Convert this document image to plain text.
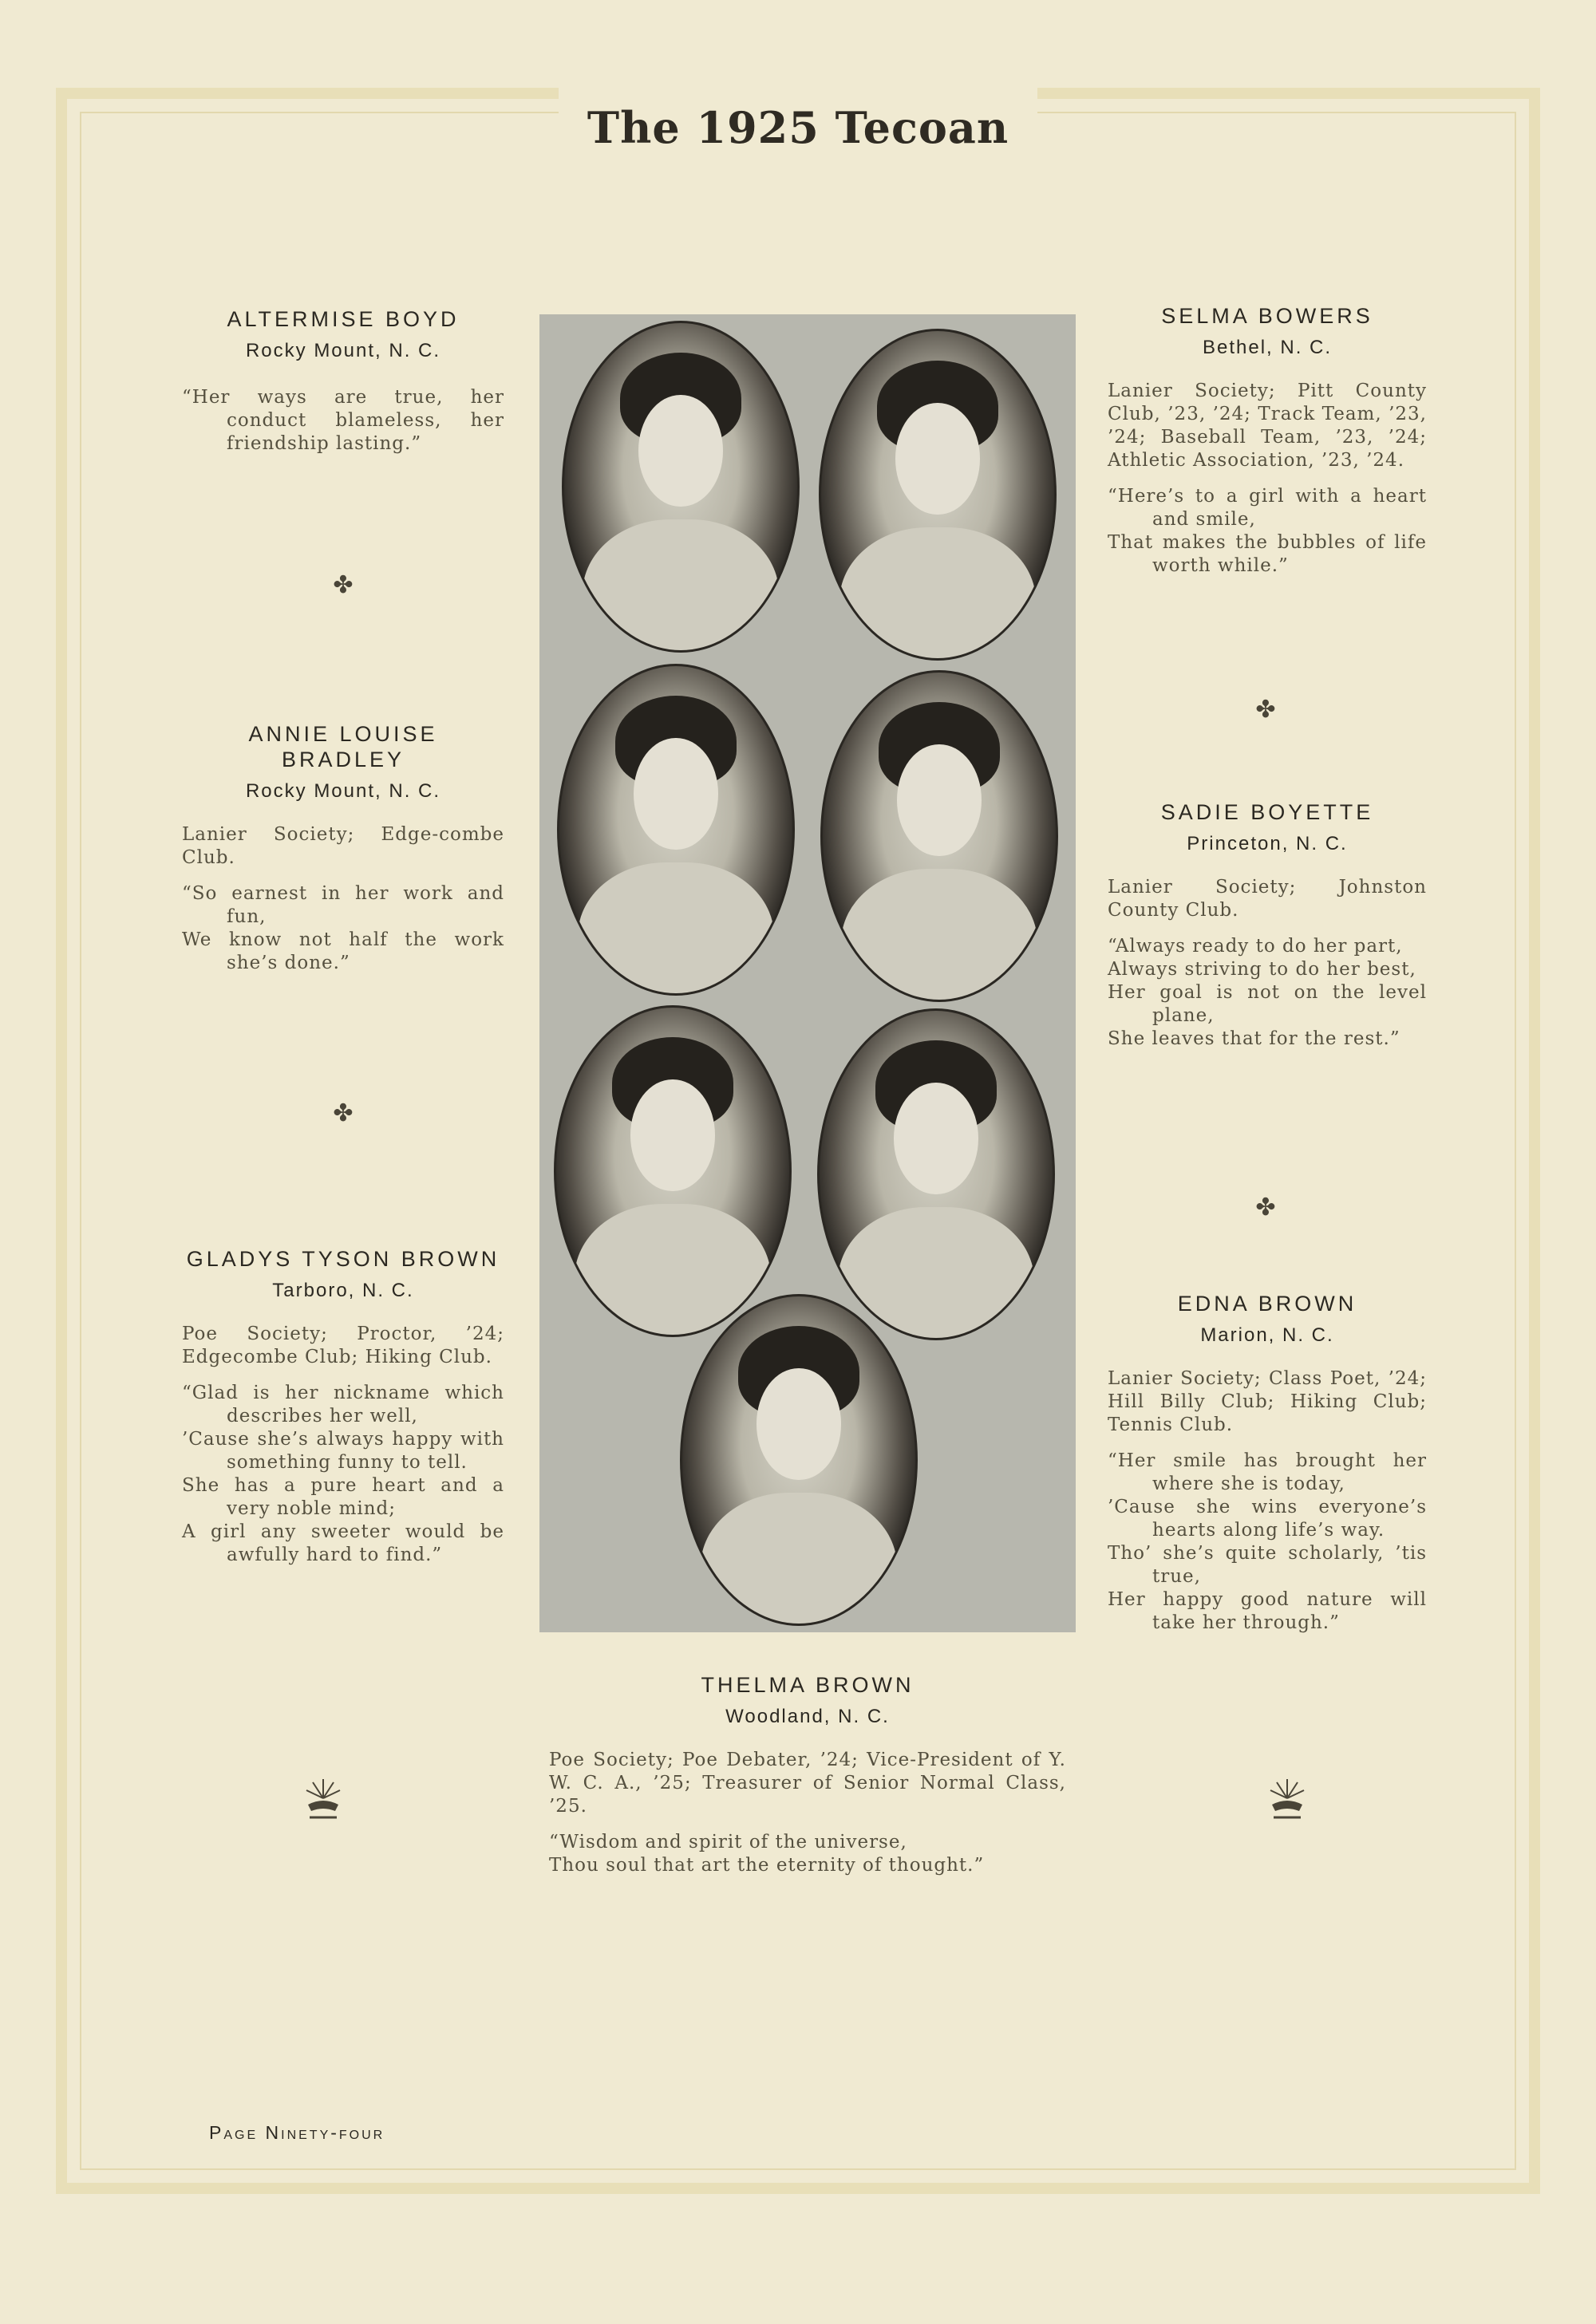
The 1925 Tecoan
ALTERMISE BOYD
Rocky Mount, N. C.
“Her ways are true, her conduct blameless, her friendship lasting.”
✤
ANNIE LOUISE BRADLEY
Rocky Mount, N. C.
Lanier Society; Edge-combe Club.
“So earnest in her work and fun,
We know not half the work she’s done.”
✤
GLADYS TYSON BROWN
Tarboro, N. C.
Poe Society; Proctor, ’24; Edgecombe Club; Hiking Club.
“Glad is her nickname which describes her well,
’Cause she’s always happy with something funny to tell.
She has a pure heart and a very noble mind;
A girl any sweeter would be awfully hard to find.”
SELMA BOWERS
Bethel, N. C.
Lanier Society; Pitt County Club, ’23, ’24; Track Team, ’23, ’24; Baseball Team, ’23, ’24; Athletic Association, ’23, ’24.
“Here’s to a girl with a heart and smile,
That makes the bubbles of life worth while.”
✤
SADIE BOYETTE
Princeton, N. C.
Lanier Society; Johnston County Club.
“Always ready to do her part,
Always striving to do her best,
Her goal is not on the level plane,
She leaves that for the rest.”
✤
EDNA BROWN
Marion, N. C.
Lanier Society; Class Poet, ’24; Hill Billy Club; Hiking Club; Tennis Club.
“Her smile has brought her where she is today,
’Cause she wins everyone’s hearts along life’s way.
Tho’ she’s quite scholarly, ’tis true,
Her happy good nature will take her through.”
THELMA BROWN
Woodland, N. C.
Poe Society; Poe Debater, ’24; Vice-President of Y. W. C. A., ’25; Treasurer of Senior Normal Class, ’25.
“Wisdom and spirit of the universe,
Thou soul that art the eternity of thought.”
Page Ninety-four
